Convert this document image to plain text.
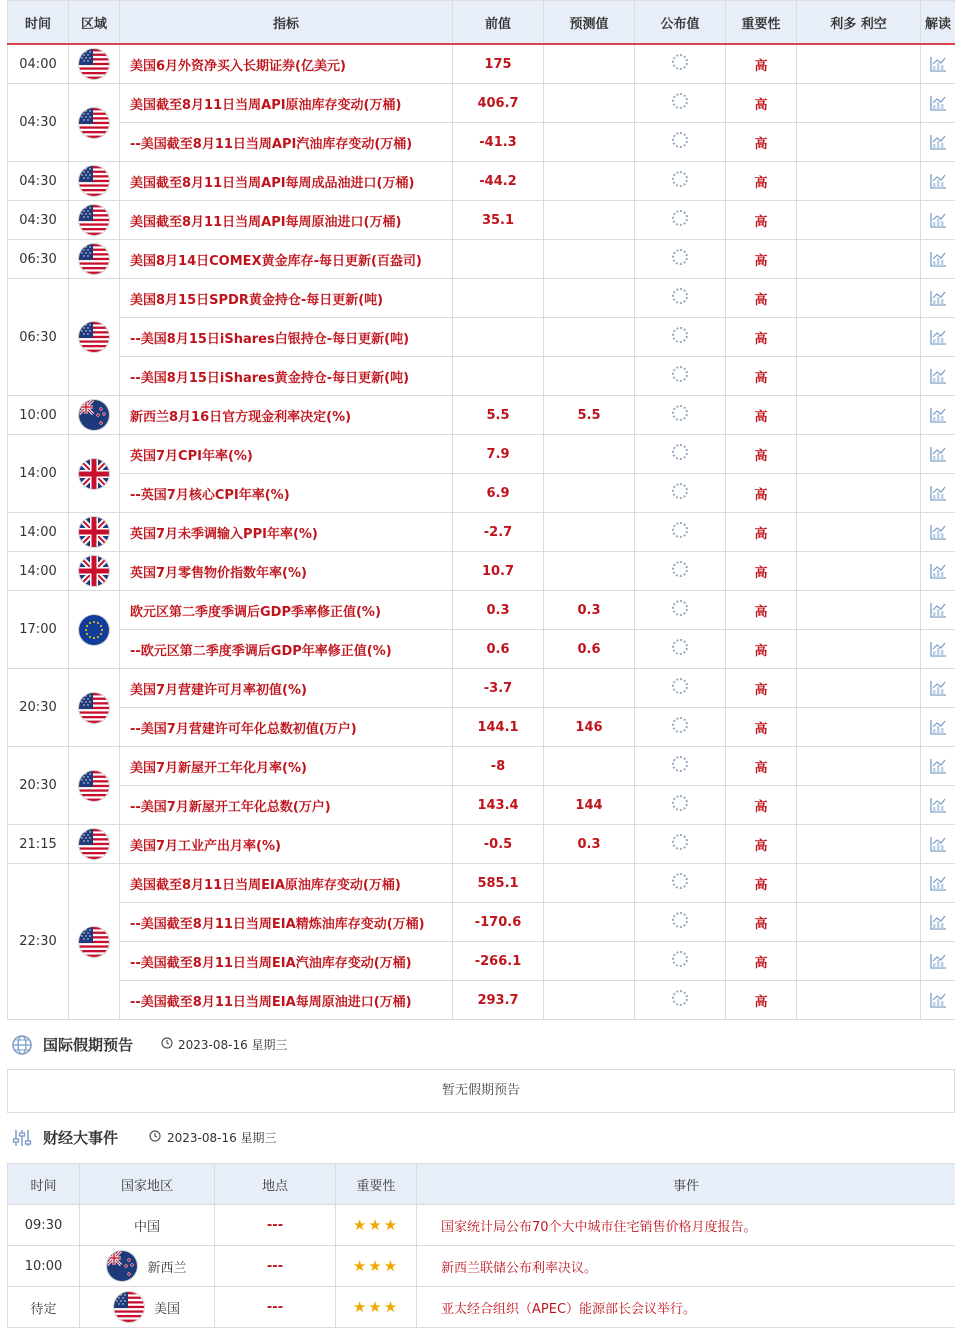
时间	区域	指标	前值	预测值	公布值	重要性	利多 利空	解读
04:00		美国6月外资净买入长期证券(亿美元)	175			高		

04:30		美国截至8月11日当周API原油库存变动(万桶)	406.7			高		

		--美国截至8月11日当周API汽油库存变动(万桶)	-41.3			高		

04:30		美国截至8月11日当周API每周成品油进口(万桶)	-44.2			高		

04:30		美国截至8月11日当周API每周原油进口(万桶)	35.1			高		

06:30		美国8月14日COMEX黄金库存-每日更新(百盎司)				高		

06:30		美国8月15日SPDR黄金持仓-每日更新(吨)				高		

		--美国8月15日iShares白银持仓-每日更新(吨)				高		

		--美国8月15日iShares黄金持仓-每日更新(吨)				高		

10:00		新西兰8月16日官方现金利率决定(%)	5.5	5.5		高		

14:00		英国7月CPI年率(%)	7.9			高		

		--英国7月核心CPI年率(%)	6.9			高		

14:00		英国7月未季调输入PPI年率(%)	-2.7			高		

14:00		英国7月零售物价指数年率(%)	10.7			高		

17:00		欧元区第二季度季调后GDP季率修正值(%)	0.3	0.3		高		

		--欧元区第二季度季调后GDP年率修正值(%)	0.6	0.6		高		

20:30		美国7月营建许可月率初值(%)	-3.7			高		

		--美国7月营建许可年化总数初值(万户)	144.1	146		高		

20:30		美国7月新屋开工年化月率(%)	-8			高		

		--美国7月新屋开工年化总数(万户)	143.4	144		高		

21:15		美国7月工业产出月率(%)	-0.5	0.3		高		

22:30		美国截至8月11日当周EIA原油库存变动(万桶)	585.1			高		

		--美国截至8月11日当周EIA精炼油库存变动(万桶)	-170.6			高		

		--美国截至8月11日当周EIA汽油库存变动(万桶)	-266.1			高		

		--美国截至8月11日当周EIA每周原油进口(万桶)	293.7			高		
国际假期预告	2023-08-16 星期三
暂无假期预告
财经大事件	2023-08-16 星期三
时间	国家地区	地点	重要性	事件
09:30	中国	---	★★★	国家统计局公布70个大中城市住宅销售价格月度报告。
10:00	新西兰	---	★★★	新西兰联储公布利率决议。
待定	美国	---	★★★	亚太经合组织（APEC）能源部长会议举行。
